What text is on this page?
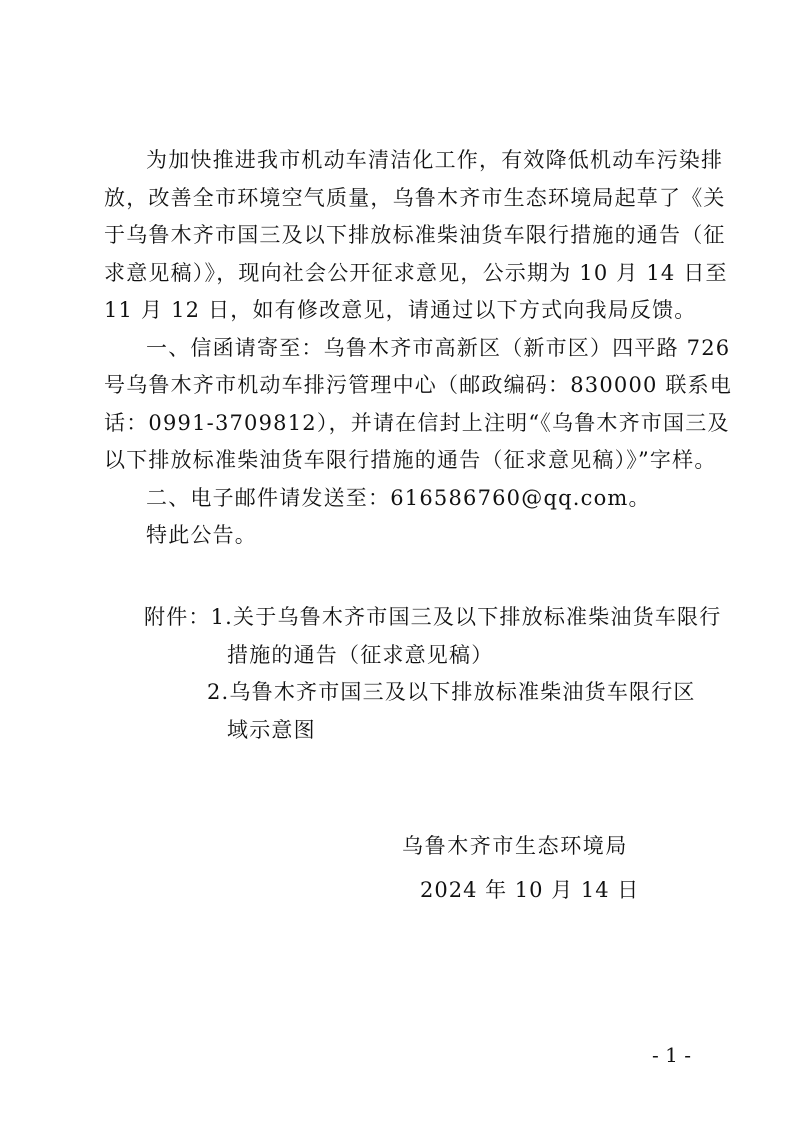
为加快推进我市机动车清洁化工作，有效降低机动车污染排
放，改善全市环境空气质量，乌鲁木齐市生态环境局起草了《关
于乌鲁木齐市国三及以下排放标准柴油货车限行措施的通告（征
求意见稿）》，现向社会公开征求意见，公示期为 10 月 14 日至
11 月 12 日，如有修改意见，请通过以下方式向我局反馈。
一、信函请寄至：乌鲁木齐市高新区（新市区）四平路 726
号乌鲁木齐市机动车排污管理中心（邮政编码：830000 联系电
话：0991-3709812），并请在信封上注明“《乌鲁木齐市国三及
以下排放标准柴油货车限行措施的通告（征求意见稿）》”字样。
二、电子邮件请发送至：616586760@qq.com。
特此公告。
附件：1.关于乌鲁木齐市国三及以下排放标准柴油货车限行
措施的通告（征求意见稿）
2.乌鲁木齐市国三及以下排放标准柴油货车限行区
域示意图
乌鲁木齐市生态环境局
2024 年 10 月 14 日
- 1 -
